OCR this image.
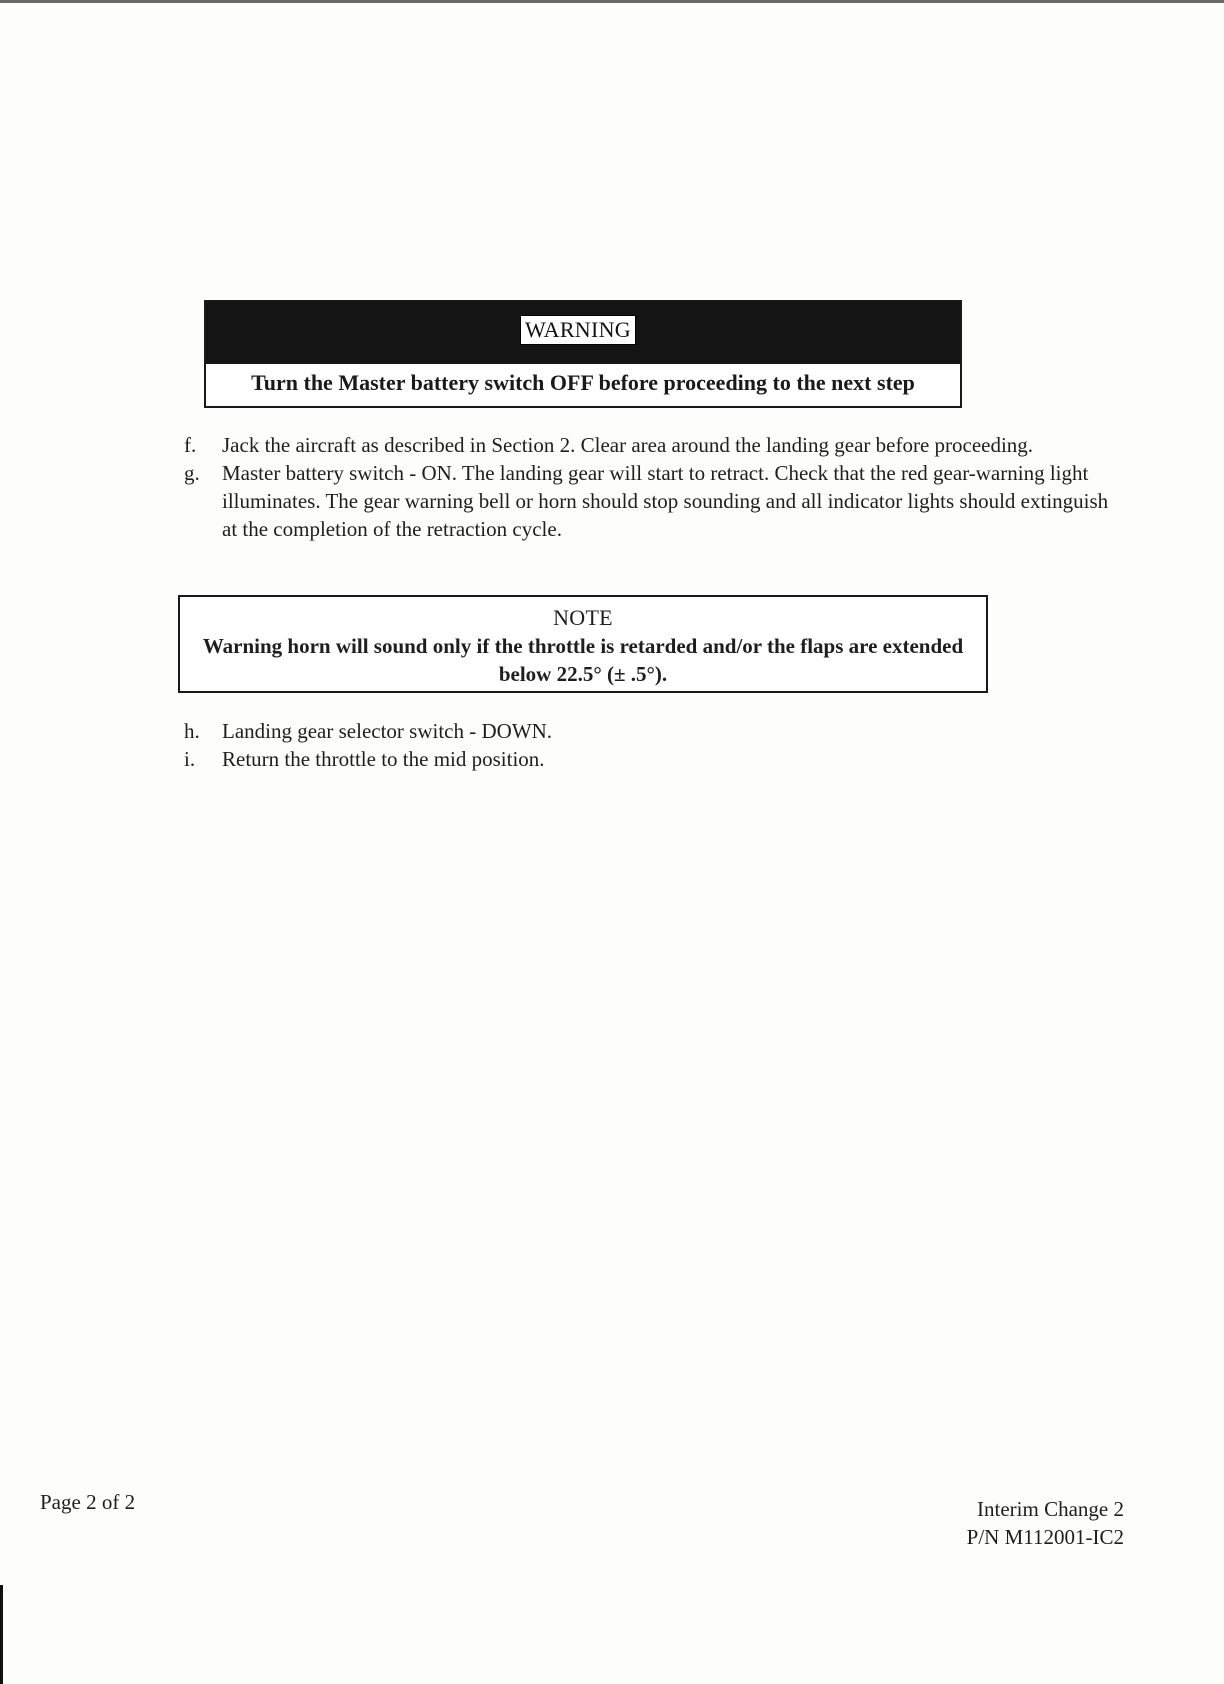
WARNING
Turn the Master battery switch OFF before proceeding to the next step
f. Jack the aircraft as described in Section 2. Clear area around the landing gear before proceeding.
g. Master battery switch - ON. The landing gear will start to retract. Check that the red gear-warning light illuminates. The gear warning bell or horn should stop sounding and all indicator lights should extinguish at the completion of the retraction cycle.
NOTE
Warning horn will sound only if the throttle is retarded and/or the flaps are extended below 22.5° (± .5°).
h. Landing gear selector switch - DOWN.
i. Return the throttle to the mid position.
Page 2 of 2	Interim Change 2
P/N M112001-IC2
